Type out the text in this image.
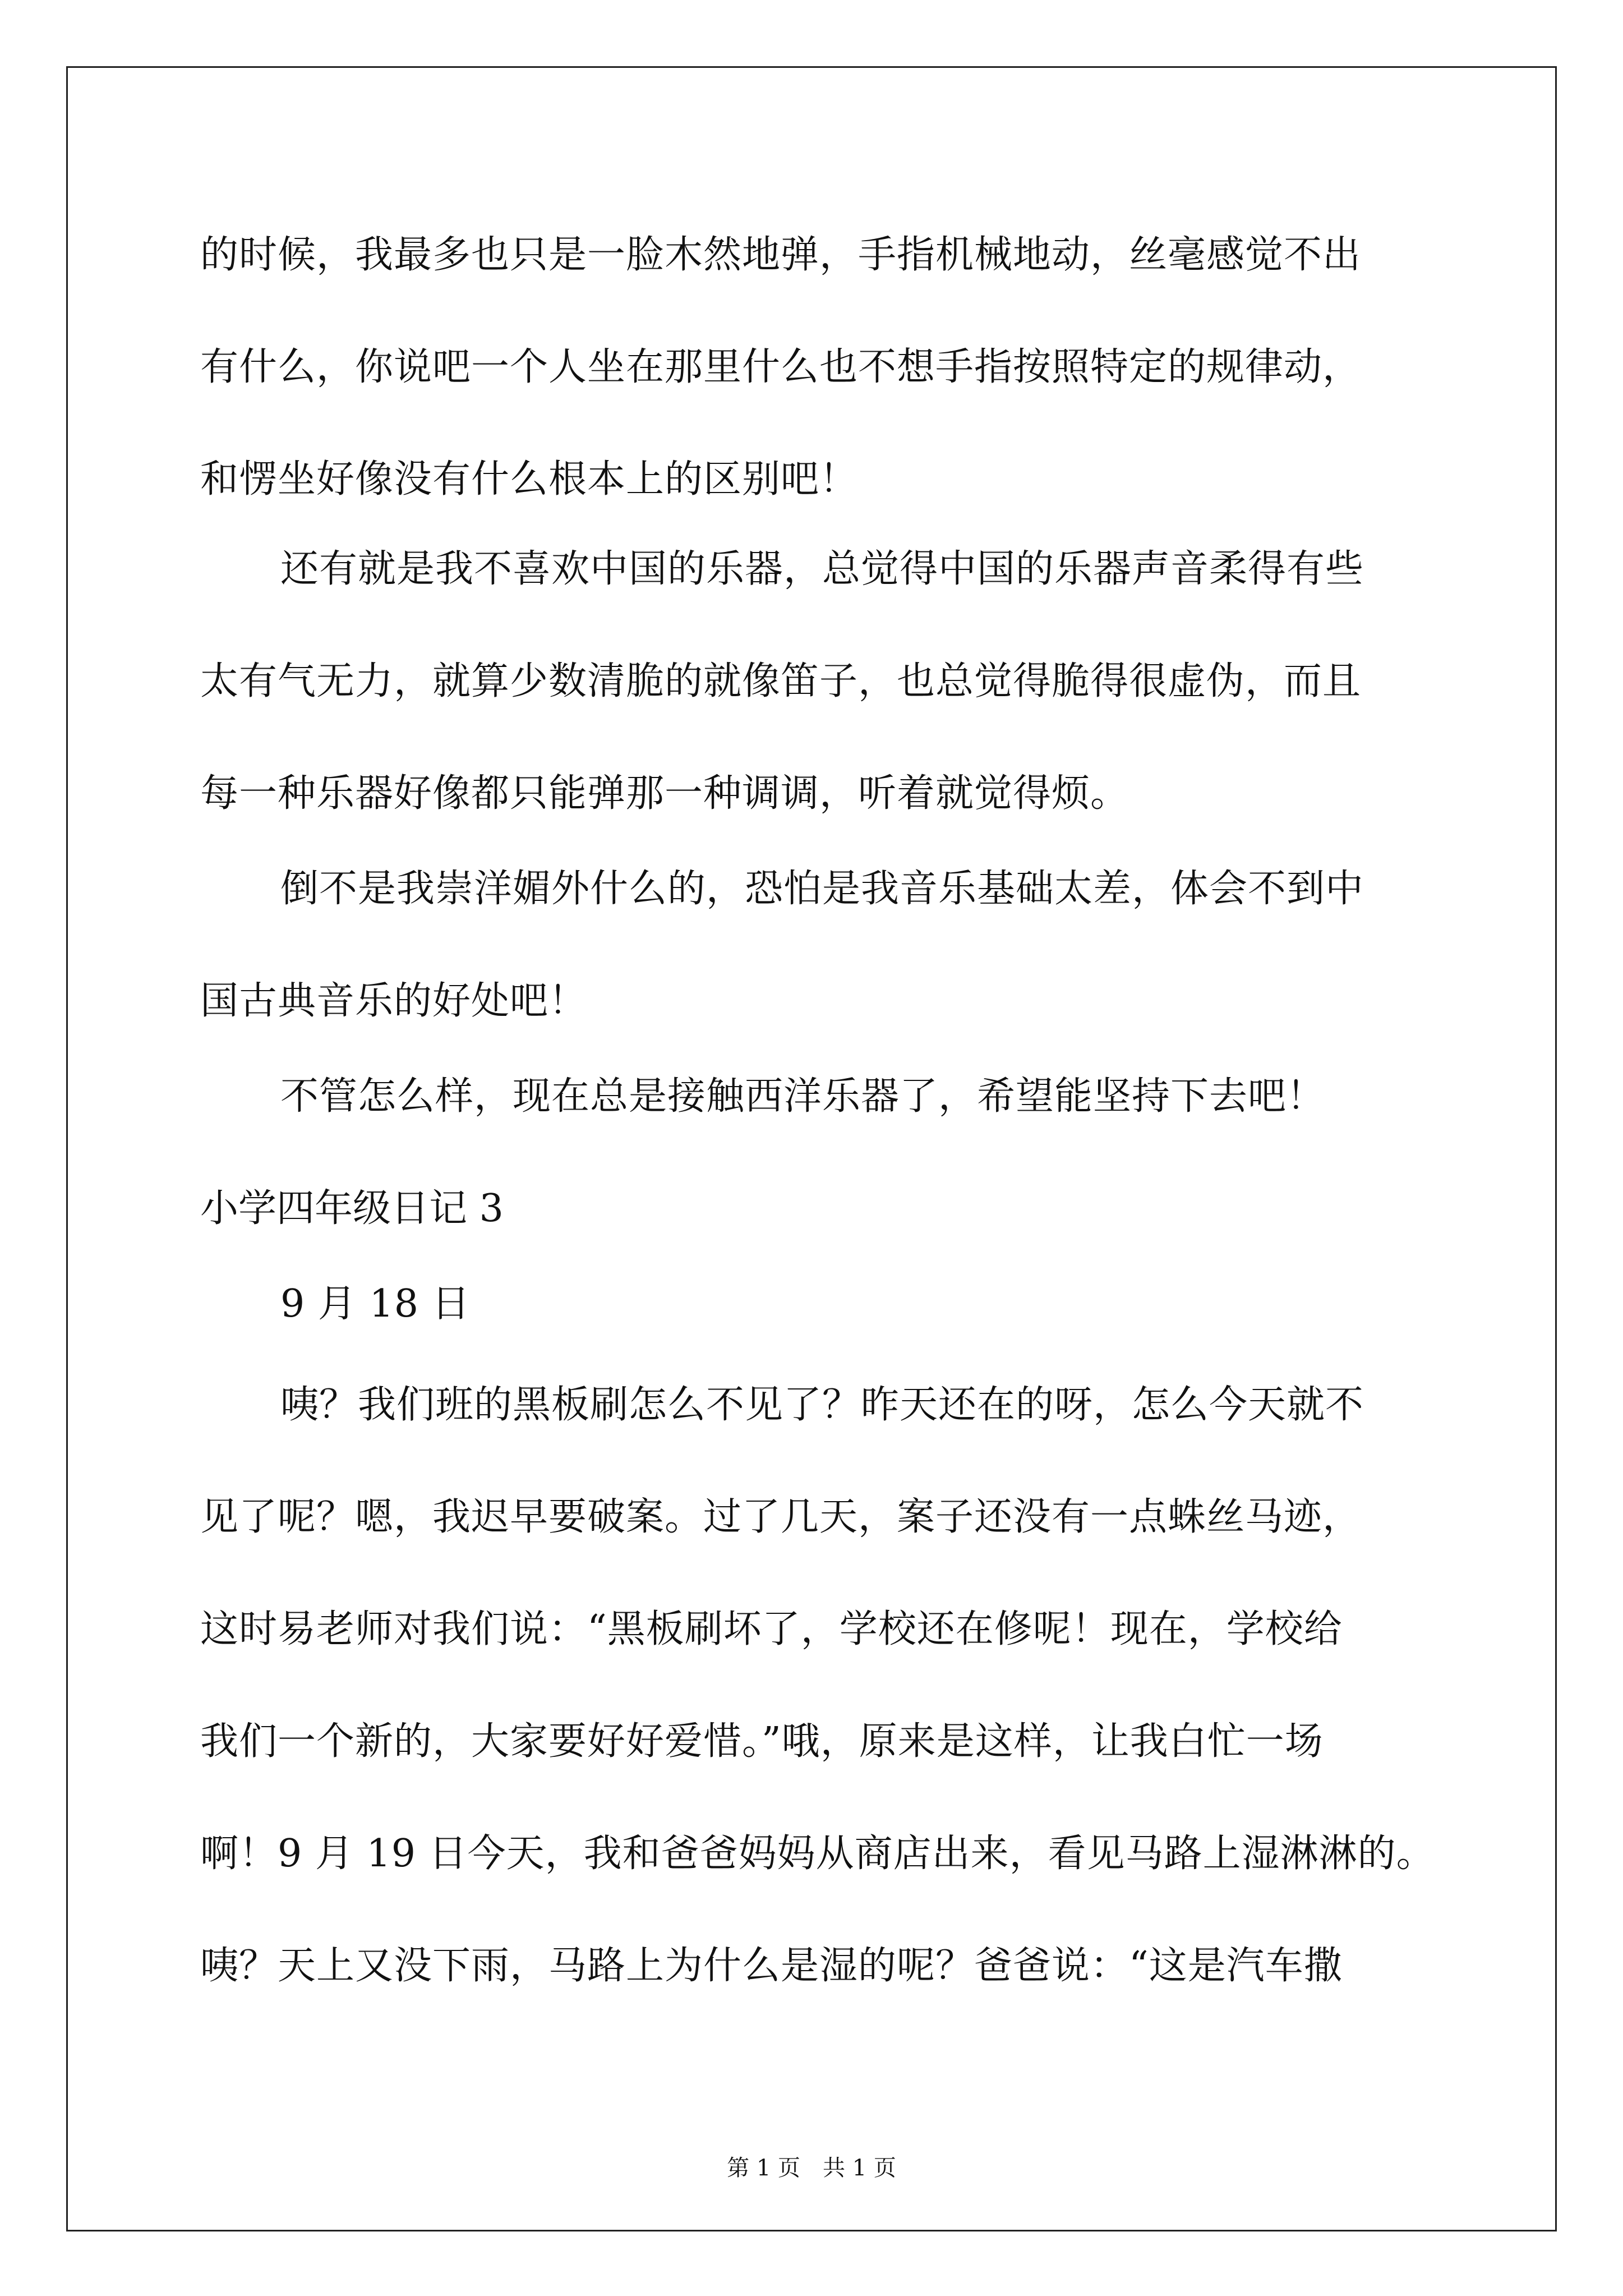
的时候，我最多也只是一脸木然地弹，手指机械地动，丝毫感觉不出
有什么，你说吧一个人坐在那里什么也不想手指按照特定的规律动，
和愣坐好像没有什么根本上的区别吧！
还有就是我不喜欢中国的乐器，总觉得中国的乐器声音柔得有些
太有气无力，就算少数清脆的就像笛子，也总觉得脆得很虚伪，而且
每一种乐器好像都只能弹那一种调调，听着就觉得烦。
倒不是我崇洋媚外什么的，恐怕是我音乐基础太差，体会不到中
国古典音乐的好处吧！
不管怎么样，现在总是接触西洋乐器了，希望能坚持下去吧！
小学四年级日记 3
9 月 18 日
咦？我们班的黑板刷怎么不见了？昨天还在的呀，怎么今天就不
见了呢？嗯，我迟早要破案。过了几天，案子还没有一点蛛丝马迹，
这时易老师对我们说：“黑板刷坏了，学校还在修呢！现在，学校给
我们一个新的，大家要好好爱惜。”哦，原来是这样，让我白忙一场
啊！9 月 19 日今天，我和爸爸妈妈从商店出来，看见马路上湿淋淋的。
咦？天上又没下雨，马路上为什么是湿的呢？爸爸说：“这是汽车撒
第 1 页　共 1 页
